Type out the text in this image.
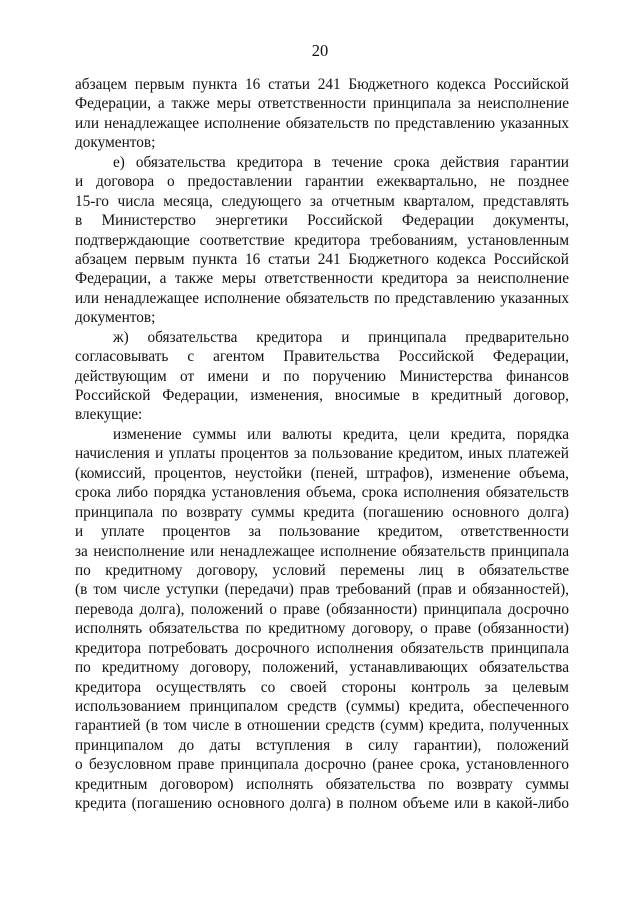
20
абзацем первым пункта 16 статьи 241 Бюджетного кодекса Российской
Федерации, а также меры ответственности принципала за неисполнение
или ненадлежащее исполнение обязательств по представлению указанных
документов;
е) обязательства кредитора в течение срока действия гарантии
и договора о предоставлении гарантии ежеквартально, не позднее
15-го числа месяца, следующего за отчетным кварталом, представлять
в Министерство энергетики Российской Федерации документы,
подтверждающие соответствие кредитора требованиям, установленным
абзацем первым пункта 16 статьи 241 Бюджетного кодекса Российской
Федерации, а также меры ответственности кредитора за неисполнение
или ненадлежащее исполнение обязательств по представлению указанных
документов;
ж) обязательства кредитора и принципала предварительно
согласовывать с агентом Правительства Российской Федерации,
действующим от имени и по поручению Министерства финансов
Российской Федерации, изменения, вносимые в кредитный договор,
влекущие:
изменение суммы или валюты кредита, цели кредита, порядка
начисления и уплаты процентов за пользование кредитом, иных платежей
(комиссий, процентов, неустойки (пеней, штрафов), изменение объема,
срока либо порядка установления объема, срока исполнения обязательств
принципала по возврату суммы кредита (погашению основного долга)
и уплате процентов за пользование кредитом, ответственности
за неисполнение или ненадлежащее исполнение обязательств принципала
по кредитному договору, условий перемены лиц в обязательстве
(в том числе уступки (передачи) прав требований (прав и обязанностей),
перевода долга), положений о праве (обязанности) принципала досрочно
исполнять обязательства по кредитному договору, о праве (обязанности)
кредитора потребовать досрочного исполнения обязательств принципала
по кредитному договору, положений, устанавливающих обязательства
кредитора осуществлять со своей стороны контроль за целевым
использованием принципалом средств (суммы) кредита, обеспеченного
гарантией (в том числе в отношении средств (сумм) кредита, полученных
принципалом до даты вступления в силу гарантии), положений
о безусловном праве принципала досрочно (ранее срока, установленного
кредитным договором) исполнять обязательства по возврату суммы
кредита (погашению основного долга) в полном объеме или в какой-либо
